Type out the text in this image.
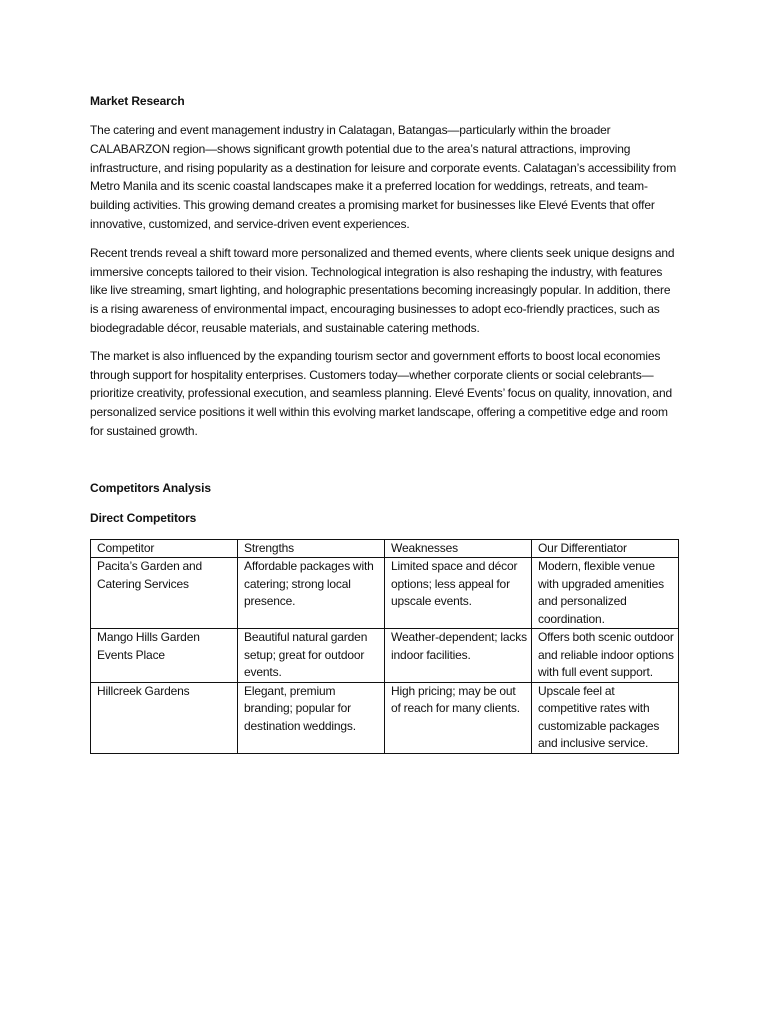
Market Research

The catering and event management industry in Calatagan, Batangas—particularly within the broader CALABARZON region—shows significant growth potential due to the area’s natural attractions, improving infrastructure, and rising popularity as a destination for leisure and corporate events. Calatagan’s accessibility from Metro Manila and its scenic coastal landscapes make it a preferred location for weddings, retreats, and team-building activities. This growing demand creates a promising market for businesses like Elevé Events that offer innovative, customized, and service-driven event experiences.

Recent trends reveal a shift toward more personalized and themed events, where clients seek unique designs and immersive concepts tailored to their vision. Technological integration is also reshaping the industry, with features like live streaming, smart lighting, and holographic presentations becoming increasingly popular. In addition, there is a rising awareness of environmental impact, encouraging businesses to adopt eco-friendly practices, such as biodegradable décor, reusable materials, and sustainable catering methods.

The market is also influenced by the expanding tourism sector and government efforts to boost local economies through support for hospitality enterprises. Customers today—whether corporate clients or social celebrants—prioritize creativity, professional execution, and seamless planning. Elevé Events’ focus on quality, innovation, and personalized service positions it well within this evolving market landscape, offering a competitive edge and room for sustained growth.

Competitors Analysis

Direct Competitors

Competitor	Strengths	Weaknesses	Our Differentiator
Pacita’s Garden and Catering Services	Affordable packages with catering; strong local presence.	Limited space and décor options; less appeal for upscale events.	Modern, flexible venue with upgraded amenities and personalized coordination.
Mango Hills Garden Events Place	Beautiful natural garden setup; great for outdoor events.	Weather-dependent; lacks indoor facilities.	Offers both scenic outdoor and reliable indoor options with full event support.
Hillcreek Gardens	Elegant, premium branding; popular for destination weddings.	High pricing; may be out of reach for many clients.	Upscale feel at competitive rates with customizable packages and inclusive service.
